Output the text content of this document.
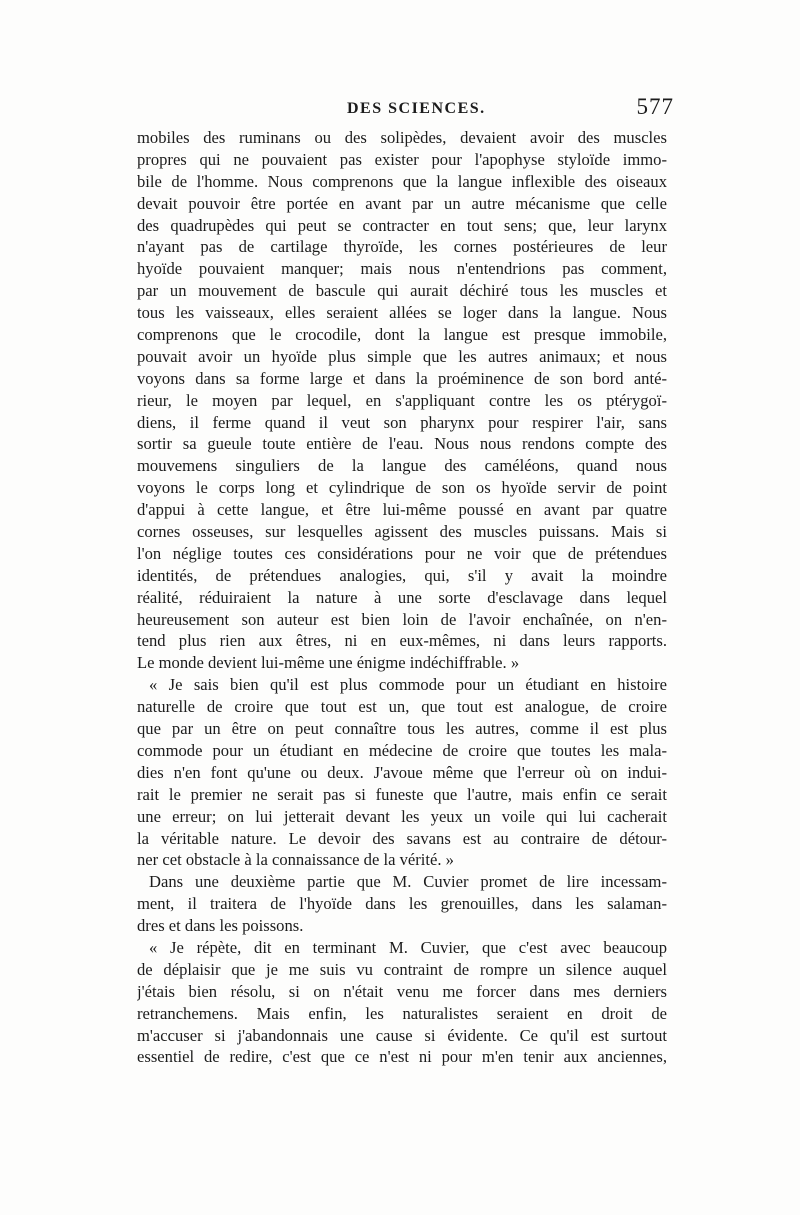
DES SCIENCES.	577
mobiles des ruminans ou des solipèdes, devaient avoir des muscles
propres qui ne pouvaient pas exister pour l'apophyse styloïde immo-
bile de l'homme. Nous comprenons que la langue inflexible des oiseaux
devait pouvoir être portée en avant par un autre mécanisme que celle
des quadrupèdes qui peut se contracter en tout sens; que, leur larynx
n'ayant pas de cartilage thyroïde, les cornes postérieures de leur
hyoïde pouvaient manquer; mais nous n'entendrions pas comment,
par un mouvement de bascule qui aurait déchiré tous les muscles et
tous les vaisseaux, elles seraient allées se loger dans la langue. Nous
comprenons que le crocodile, dont la langue est presque immobile,
pouvait avoir un hyoïde plus simple que les autres animaux; et nous
voyons dans sa forme large et dans la proéminence de son bord anté-
rieur, le moyen par lequel, en s'appliquant contre les os ptérygoï-
diens, il ferme quand il veut son pharynx pour respirer l'air, sans
sortir sa gueule toute entière de l'eau. Nous nous rendons compte des
mouvemens singuliers de la langue des caméléons, quand nous
voyons le corps long et cylindrique de son os hyoïde servir de point
d'appui à cette langue, et être lui-même poussé en avant par quatre
cornes osseuses, sur lesquelles agissent des muscles puissans. Mais si
l'on néglige toutes ces considérations pour ne voir que de prétendues
identités, de prétendues analogies, qui, s'il y avait la moindre
réalité, réduiraient la nature à une sorte d'esclavage dans lequel
heureusement son auteur est bien loin de l'avoir enchaînée, on n'en-
tend plus rien aux êtres, ni en eux-mêmes, ni dans leurs rapports.
Le monde devient lui-même une énigme indéchiffrable. »
« Je sais bien qu'il est plus commode pour un étudiant en histoire
naturelle de croire que tout est un, que tout est analogue, de croire
que par un être on peut connaître tous les autres, comme il est plus
commode pour un étudiant en médecine de croire que toutes les mala-
dies n'en font qu'une ou deux. J'avoue même que l'erreur où on indui-
rait le premier ne serait pas si funeste que l'autre, mais enfin ce serait
une erreur; on lui jetterait devant les yeux un voile qui lui cacherait
la véritable nature. Le devoir des savans est au contraire de détour-
ner cet obstacle à la connaissance de la vérité. »
Dans une deuxième partie que M. Cuvier promet de lire incessam-
ment, il traitera de l'hyoïde dans les grenouilles, dans les salaman-
dres et dans les poissons.
« Je répète, dit en terminant M. Cuvier, que c'est avec beaucoup
de déplaisir que je me suis vu contraint de rompre un silence auquel
j'étais bien résolu, si on n'était venu me forcer dans mes derniers
retranchemens. Mais enfin, les naturalistes seraient en droit de
m'accuser si j'abandonnais une cause si évidente. Ce qu'il est surtout
essentiel de redire, c'est que ce n'est ni pour m'en tenir aux anciennes,
